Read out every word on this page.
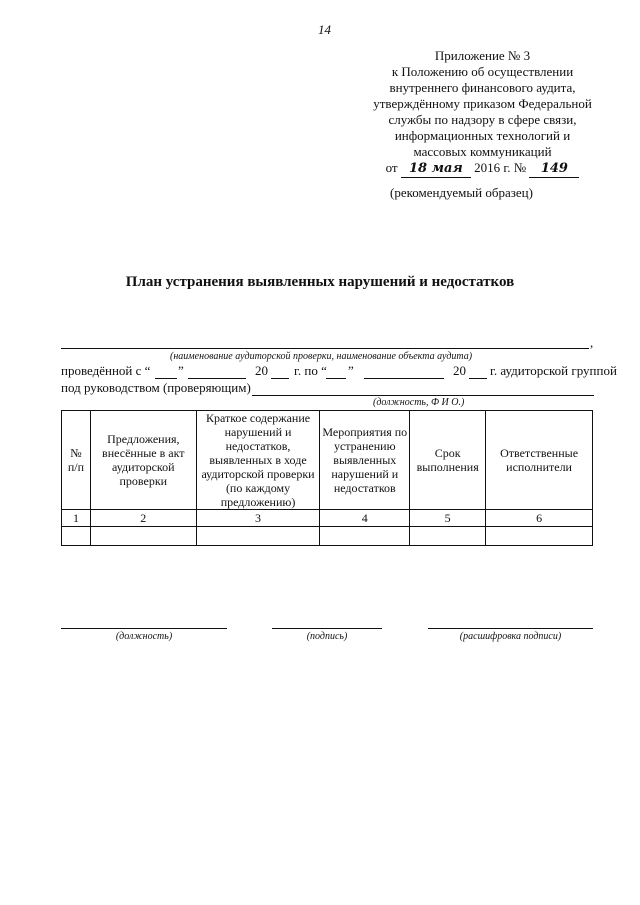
14
Приложение № 3
к Положению об осуществлении
внутреннего финансового аудита,
утверждённому приказом Федеральной
службы по надзору в сфере связи,
информационных технологий и
массовых коммуникаций
от 18 мая 2016 г. № 149
(рекомендуемый образец)
План устранения выявленных нарушений и недостатков
,
(наименование аудиторской проверки, наименование объекта аудита)
проведённой с “ ”	20 г. по “ ”	20 г. аудиторской группой
под руководством (проверяющим)
(должность, Ф И О.)
№ п/п	Предложения, внесённые в акт аудиторской проверки	Краткое содержание нарушений и недостатков, выявленных в ходе аудиторской проверки (по каждому предложению)	Мероприятия по устранению выявленных нарушений и недостатков	Срок выполнения	Ответственные исполнители
1	2	3	4	5	6

(должность)	(подпись)	(расшифровка подписи)
